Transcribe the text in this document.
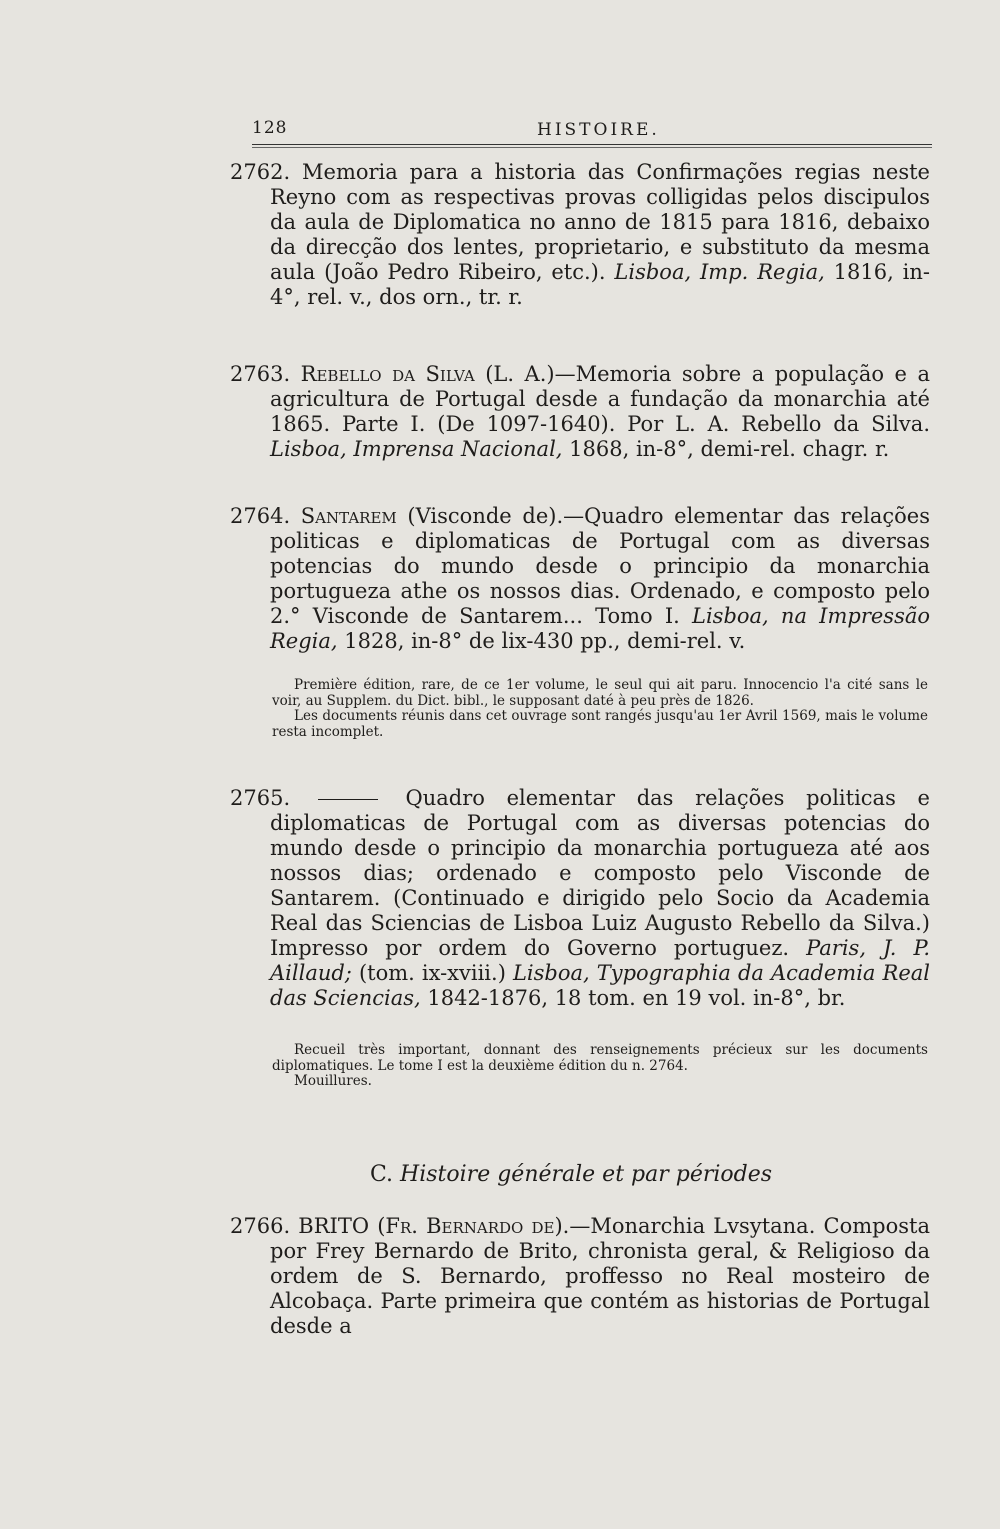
128	HISTOIRE.

2762. Memoria para a historia das Confirmações regias neste Reyno com as respectivas provas colligidas pelos discipulos da aula de Diplomatica no anno de 1815 para 1816, debaixo da direcção dos lentes, proprietario, e substituto da mesma aula (João Pedro Ribeiro, etc.). Lisboa, Imp. Regia, 1816, in-4°, rel. v., dos orn., tr. r.

2763. Rebello da Silva (L. A.)—Memoria sobre a população e a agricultura de Portugal desde a fundação da monarchia até 1865. Parte I. (De 1097-1640). Por L. A. Rebello da Silva. Lisboa, Imprensa Nacional, 1868, in-8°, demi-rel. chagr. r.

2764. Santarem (Visconde de).—Quadro elementar das relações politicas e diplomaticas de Portugal com as diversas potencias do mundo desde o principio da monarchia portugueza athe os nossos dias. Ordenado, e composto pelo 2.° Visconde de Santarem... Tomo I. Lisboa, na Impressão Regia, 1828, in-8° de lix-430 pp., demi-rel. v.

Première édition, rare, de ce 1er volume, le seul qui ait paru. Innocencio l'a cité sans le voir, au Supplem. du Dict. bibl., le supposant daté à peu près de 1826.

Les documents réunis dans cet ouvrage sont rangés jusqu'au 1er Avril 1569, mais le volume resta incomplet.

2765.	Quadro elementar das relações politicas e diplomaticas de Portugal com as diversas potencias do mundo desde o principio da monarchia portugueza até aos nossos dias; ordenado e composto pelo Visconde de Santarem. (Continuado e dirigido pelo Socio da Academia Real das Sciencias de Lisboa Luiz Augusto Rebello da Silva.) Impresso por ordem do Governo portuguez. Paris, J. P. Aillaud; (tom. ix-xviii.) Lisboa, Typographia da Academia Real das Sciencias, 1842-1876, 18 tom. en 19 vol. in-8°, br.

Recueil très important, donnant des renseignements précieux sur les documents diplomatiques. Le tome I est la deuxième édition du n. 2764.

Mouillures.

C. Histoire générale et par périodes

2766. BRITO (Fr. Bernardo de).—Monarchia Lvsytana. Composta por Frey Bernardo de Brito, chronista geral, & Religioso da ordem de S. Bernardo, proffesso no Real mosteiro de Alcobaça. Parte primeira que contém as historias de Portugal desde a
